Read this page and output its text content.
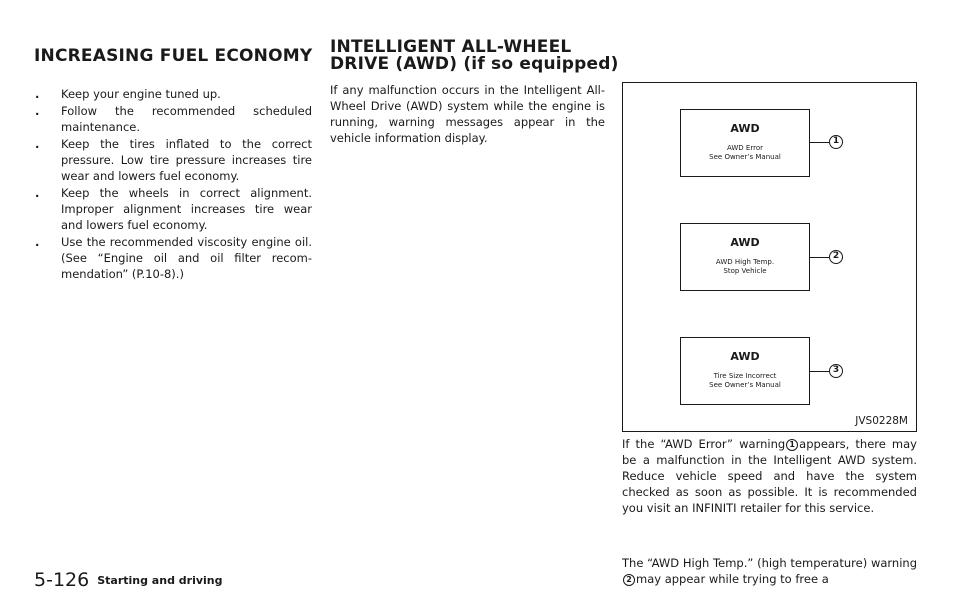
INCREASING FUEL ECONOMY
. Keep your engine tuned up.
. Follow the recommended scheduled maintenance.
. Keep the tires inflated to the correct pressure. Low tire pressure increases tire wear and lowers fuel economy.
. Keep the wheels in correct alignment. Improper alignment increases tire wear and lowers fuel economy.
. Use the recommended viscosity engine oil. (See “Engine oil and oil filter recom-mendation” (P.10-8).)
INTELLIGENT ALL-WHEEL
DRIVE (AWD) (if so equipped)

If any malfunction occurs in the Intelligent All-Wheel Drive (AWD) system while the engine is running, warning messages appear in the vehicle information display.

AWD
AWD Error
See Owner’s Manual
1
AWD
AWD High Temp.
Stop Vehicle
2
AWD
Tire Size Incorrect
See Owner’s Manual
3
JVS0228M

If the “AWD Error” warning 1 appears, there may be a malfunction in the Intelligent AWD system. Reduce vehicle speed and have the system checked as soon as possible. It is recommended you visit an INFINITI retailer for this service.

The “AWD High Temp.” (high temperature) warning2 may appear while trying to free a

5-126 Starting and driving
